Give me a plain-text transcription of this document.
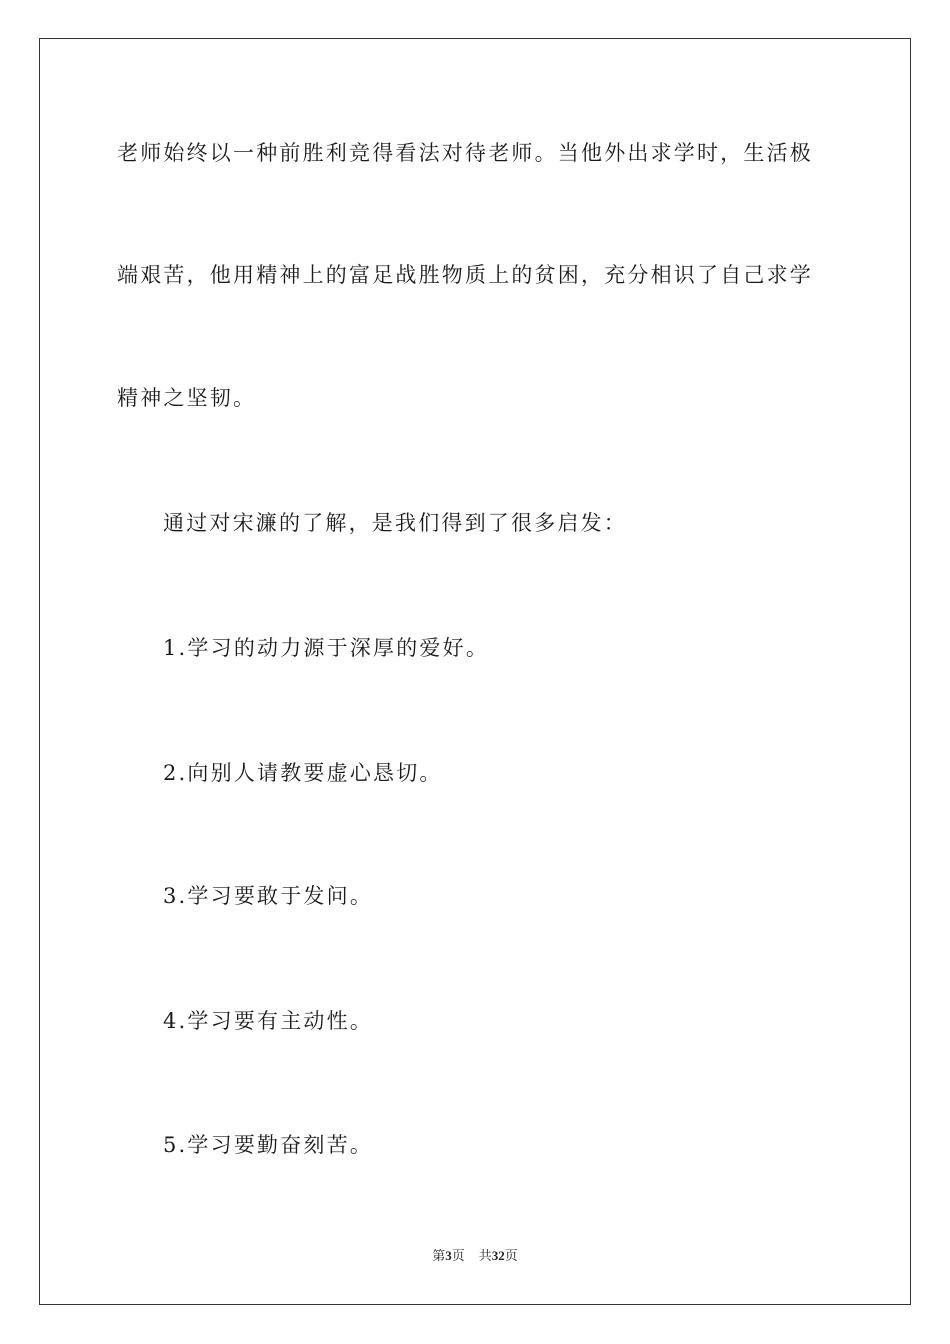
老师始终以一种前胜利竞得看法对待老师。当他外出求学时，生活极
端艰苦，他用精神上的富足战胜物质上的贫困，充分相识了自己求学
精神之坚韧。
通过对宋濂的了解，是我们得到了很多启发：
1.学习的动力源于深厚的爱好。
2.向别人请教要虚心恳切。
3.学习要敢于发问。
4.学习要有主动性。
5.学习要勤奋刻苦。
第3页 共32页
